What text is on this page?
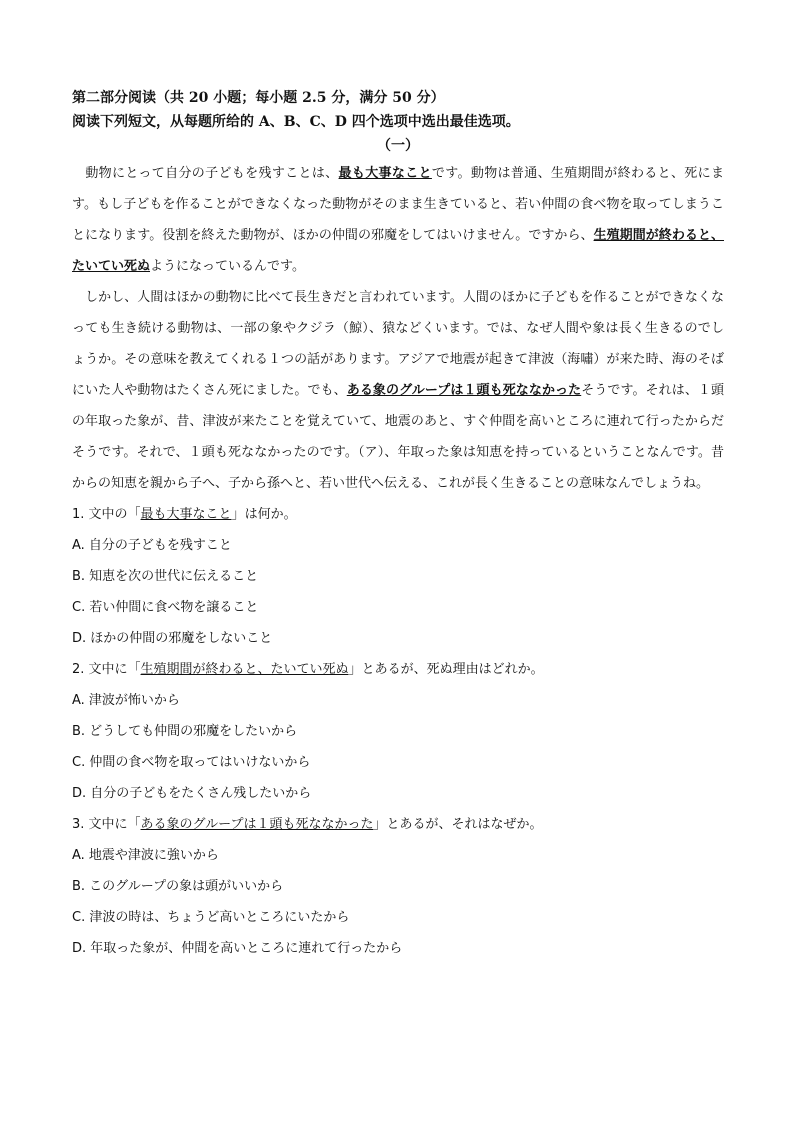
第二部分阅读（共 20 小题；每小题 2.5 分，满分 50 分）

阅读下列短文，从每题所给的 A、B、C、D 四个选项中选出最佳选项。

（一）

 動物にとって自分の子どもを残すことは、最も大事なことです。動物は普通、生殖期間が終わると、死にます。もし子どもを作ることができなくなった動物がそのまま生きていると、若い仲間の食べ物を取ってしまうことになります。役割を終えた動物が、ほかの仲間の邪魔をしてはいけません。ですから、生殖期間が終わると、たいてい死ぬようになっているんです。

 しかし、人間はほかの動物に比べて長生きだと言われています。人間のほかに子どもを作ることができなくなっても生き続ける動物は、一部の象やクジラ（鯨）、猿などくいます。では、なぜ人間や象は長く生きるのでしょうか。その意味を教えてくれる１つの話があります。アジアで地震が起きて津波（海嘯）が来た時、海のそばにいた人や動物はたくさん死にました。でも、ある象のグループは１頭も死ななかったそうです。それは、１頭の年取った象が、昔、津波が来たことを覚えていて、地震のあと、すぐ仲間を高いところに連れて行ったからだそうです。それで、１頭も死ななかったのです。（ア）、年取った象は知恵を持っているということなんです。昔からの知恵を親から子へ、子から孫へと、若い世代へ伝える、これが長く生きることの意味なんでしょうね。

1. 文中の「最も大事なこと」は何か。

A. 自分の子どもを残すこと

B. 知恵を次の世代に伝えること

C. 若い仲間に食べ物を譲ること

D. ほかの仲間の邪魔をしないこと

2. 文中に「生殖期間が終わると、たいてい死ぬ」とあるが、死ぬ理由はどれか。

A. 津波が怖いから

B. どうしても仲間の邪魔をしたいから

C. 仲間の食べ物を取ってはいけないから

D. 自分の子どもをたくさん残したいから

3. 文中に「ある象のグループは１頭も死ななかった」とあるが、それはなぜか。

A. 地震や津波に強いから

B. このグループの象は頭がいいから

C. 津波の時は、ちょうど高いところにいたから

D. 年取った象が、仲間を高いところに連れて行ったから
